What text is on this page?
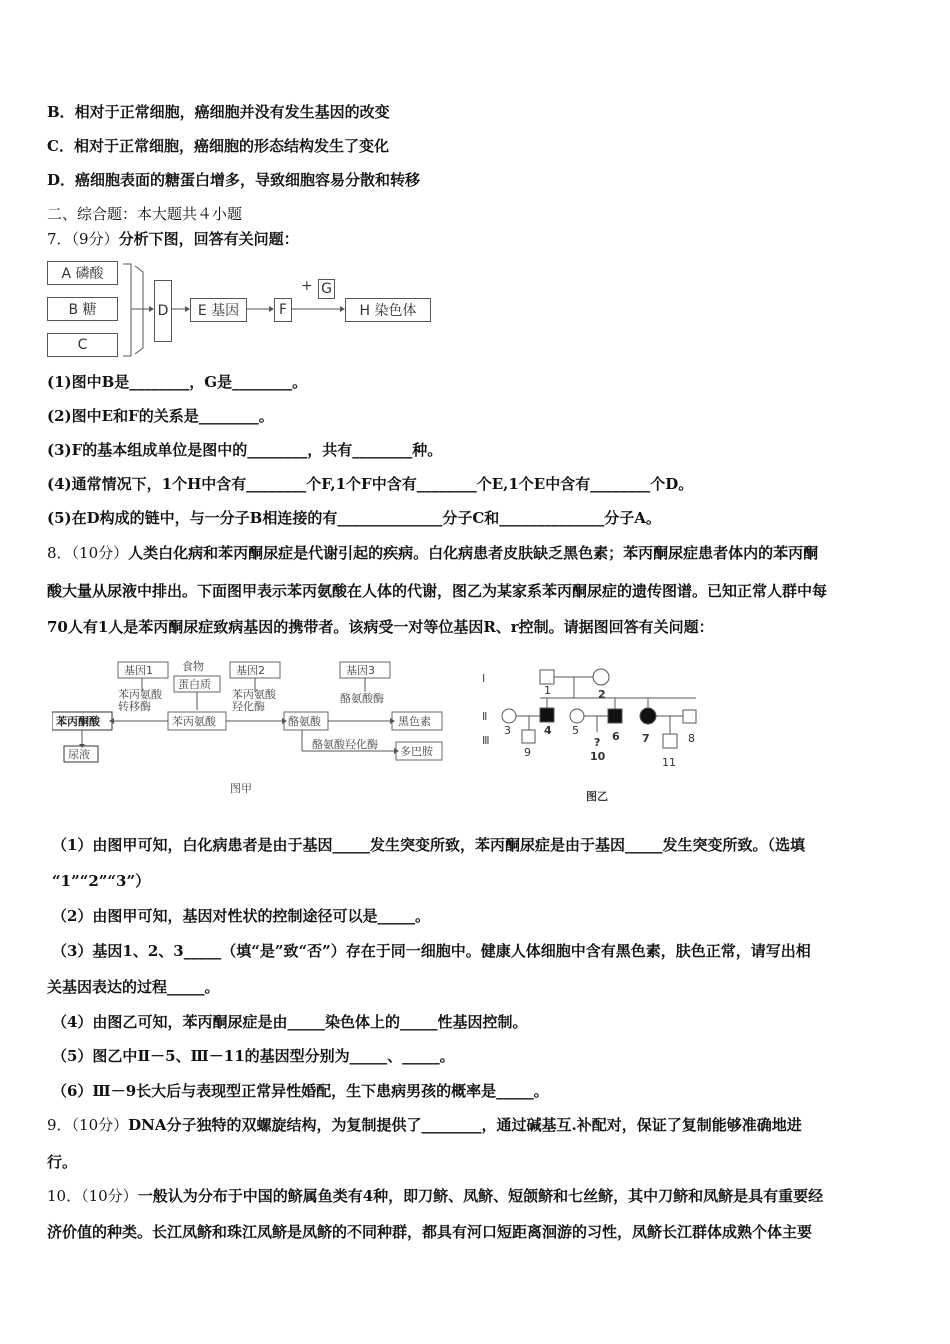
B．相对于正常细胞，癌细胞并没有发生基因的改变
C．相对于正常细胞，癌细胞的形态结构发生了变化
D．癌细胞表面的糖蛋白增多，导致细胞容易分散和转移
二、综合题：本大题共４小题
7．（9分）分析下图，回答有关问题：
A 磷酸
B 糖
C
D	E 基因	F
+ G
H 染色体
(1)图中B是________，G是________。
(2)图中E和F的关系是________。
(3)F的基本组成单位是图中的________，共有________种。
(4)通常情况下，1个H中含有________个F,1个F中含有________个E,1个E中含有________个D。
(5)在D构成的链中，与一分子B相连接的有______________分子C和______________分子A。
8．（10分）人类白化病和苯丙酮尿症是代谢引起的疾病。白化病患者皮肤缺乏黑色素；苯丙酮尿症患者体内的苯丙酮
酸大量从尿液中排出。下面图甲表示苯丙氨酸在人体的代谢，图乙为某家系苯丙酮尿症的遗传图谱。已知正常人群中每
70人有1人是苯丙酮尿症致病基因的携带者。该病受一对等位基因R、r控制。请据图回答有关问题：
基因1	食物
蛋白质
基因2	基因3
苯丙氨酸
转移酶
苯丙氨酸
羟化酶
酪氨酸酶
苯丙酮酸	苯丙氨酸	酪氨酸	黑色素
酪氨酸羟化酶
多巴胺
尿液
图甲
Ⅰ
Ⅱ
Ⅲ
1	2
3	4 5	6 7	8
9
?
10	11
图乙
（1）由图甲可知，白化病患者是由于基因_____发生突变所致，苯丙酮尿症是由于基因_____发生突变所致。（选填
“1”“2”“3”）
（2）由图甲可知，基因对性状的控制途径可以是_____。
（3）基因1、2、3_____（填“是”致“否”）存在于同一细胞中。健康人体细胞中含有黑色素，肤色正常，请写出相
关基因表达的过程_____。
（4）由图乙可知，苯丙酮尿症是由_____染色体上的_____性基因控制。
（5）图乙中Ⅱ－5、Ⅲ－11的基因型分别为_____、_____。
（6）Ⅲ－9长大后与表现型正常异性婚配，生下患病男孩的概率是_____。
9．（10分）DNA分子独特的双螺旋结构，为复制提供了________，通过碱基互.补配对，保证了复制能够准确地进
行。
10．（10分）一般认为分布于中国的鲚属鱼类有4种，即刀鲚、凤鲚、短颌鲚和七丝鲚，其中刀鲚和凤鲚是具有重要经
济价值的种类。长江凤鲚和珠江凤鲚是凤鲚的不同种群，都具有河口短距离洄游的习性，凤鲚长江群体成熟个体主要
